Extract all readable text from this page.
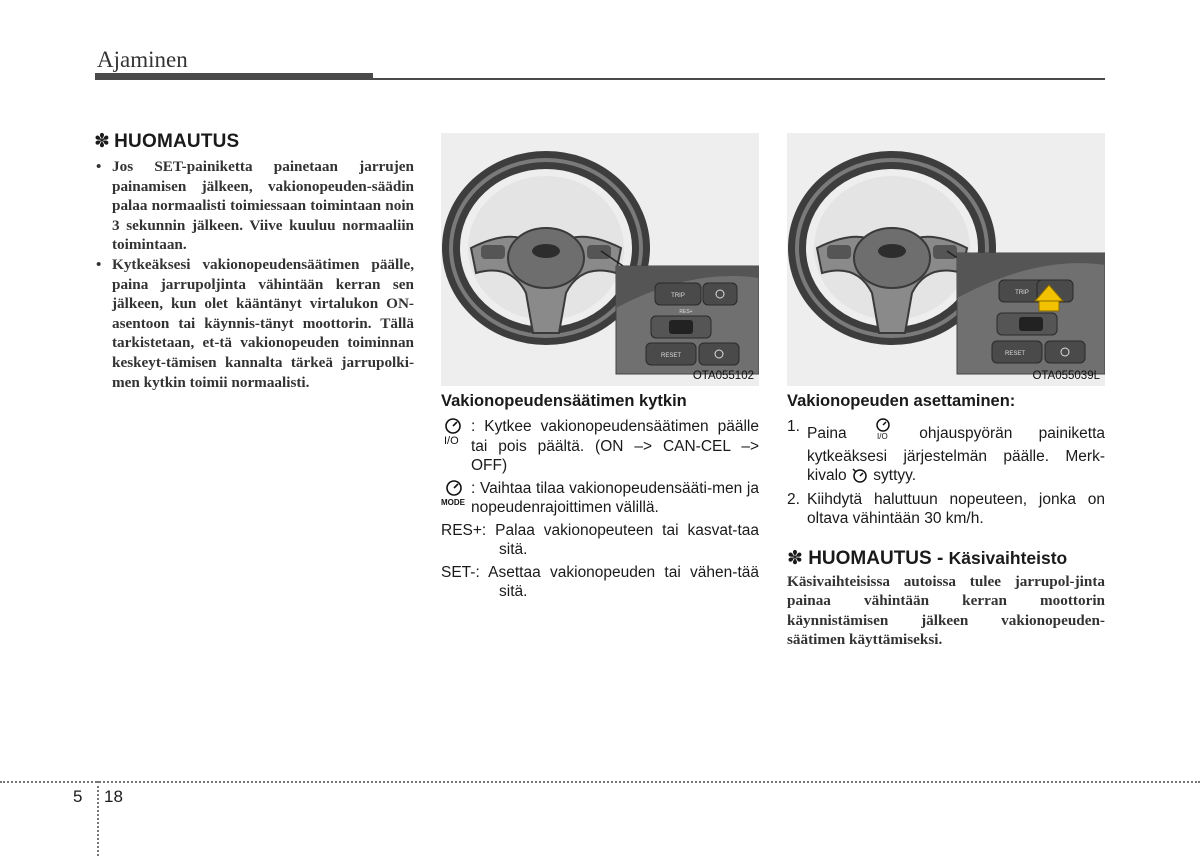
Ajaminen
✽ HUOMAUTUS
• Jos SET-painiketta painetaan jarrujen painamisen jälkeen, vakionopeuden-säädin palaa normaalisti toimiessaan toimintaan noin 3 sekunnin jälkeen. Viive kuuluu normaaliin toimintaan.
• Kytkeäksesi vakionopeudensäätimen päälle, paina jarrupoljinta vähintään kerran sen jälkeen, kun olet kääntänyt virtalukon ON-asentoon tai käynnis-tänyt moottorin. Tällä tarkistetaan, et-tä vakionopeuden toiminnan keskeyt-tämisen kannalta tärkeä jarrupolki-men kytkin toimii normaalisti.
TRIP
RES+
RESET
OTA055102
TRIP
RESET
OTA055039L
Vakionopeudensäätimen kytkin
I/O
: Kytkee vakionopeudensäätimen päälle tai pois päältä. (ON –> CAN-CEL –> OFF)
MODE
: Vaihtaa tilaa vakionopeudensääti-men ja nopeudenrajoittimen välillä.
RES+: Palaa vakionopeuteen tai kasvat-taa sitä.
SET-: Asettaa vakionopeuden tai vähen-tää sitä.
Vakionopeuden asettaminen:
1. Paina	I/O ohjauspyörän painiketta kytkeäksesi järjestelmän päälle. Merk-kivalo syttyy.
2. Kiihdytä haluttuun nopeuteen, jonka on oltava vähintään 30 km/h.
✽ HUOMAUTUS - Käsivaihteisto
Käsivaihteisissa autoissa tulee jarrupol-jinta painaa vähintään kerran moottorin käynnistämisen jälkeen vakionopeuden-säätimen käyttämiseksi.
5 18
